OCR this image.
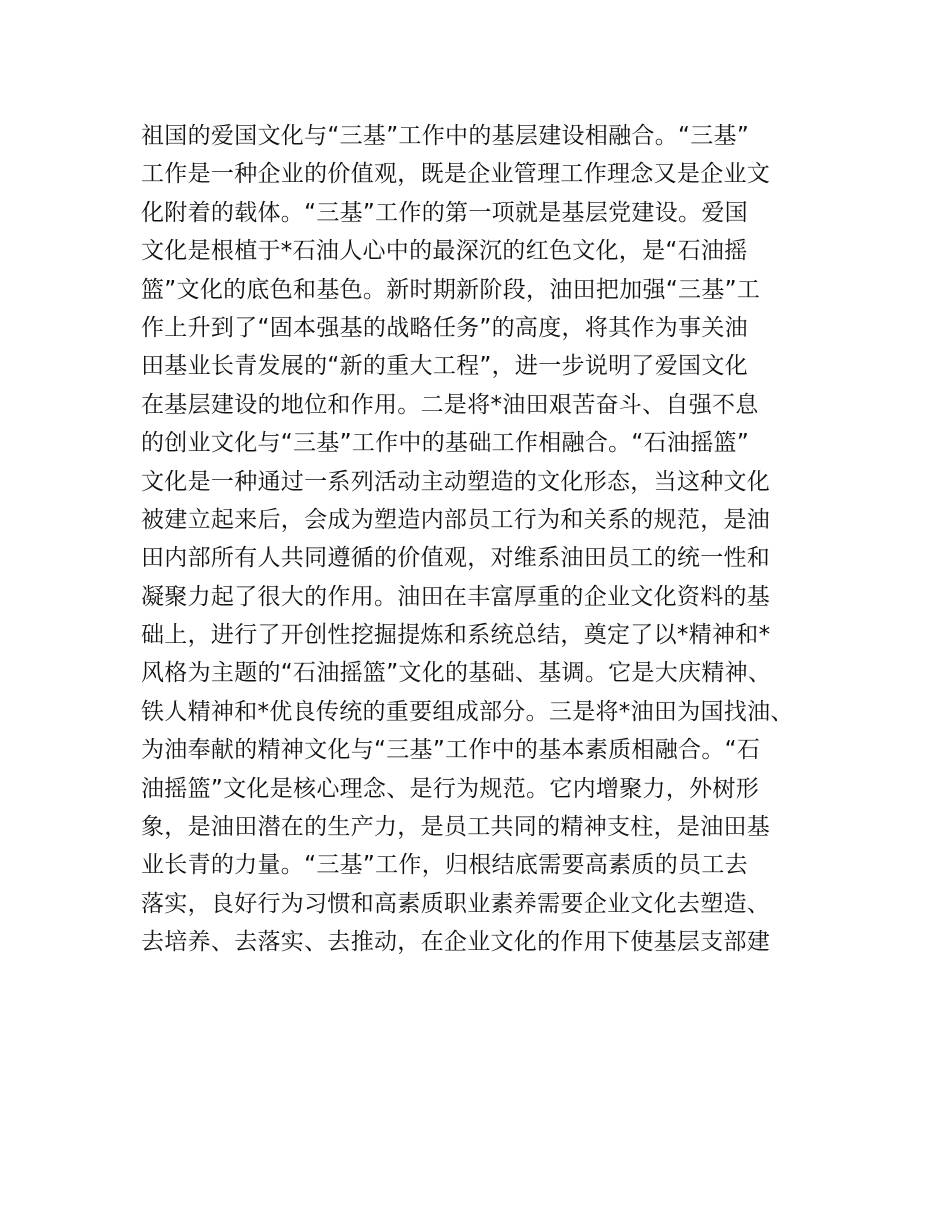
祖国的爱国文化与“三基”工作中的基层建设相融合。“三基”
工作是一种企业的价值观，既是企业管理工作理念又是企业文
化附着的载体。“三基”工作的第一项就是基层党建设。爱国
文化是根植于*石油人心中的最深沉的红色文化，是“石油摇
篮”文化的底色和基色。新时期新阶段，油田把加强“三基”工
作上升到了“固本强基的战略任务”的高度，将其作为事关油
田基业长青发展的“新的重大工程”，进一步说明了爱国文化
在基层建设的地位和作用。二是将*油田艰苦奋斗、自强不息
的创业文化与“三基”工作中的基础工作相融合。“石油摇篮”
文化是一种通过一系列活动主动塑造的文化形态，当这种文化
被建立起来后，会成为塑造内部员工行为和关系的规范，是油
田内部所有人共同遵循的价值观，对维系油田员工的统一性和
凝聚力起了很大的作用。油田在丰富厚重的企业文化资料的基
础上，进行了开创性挖掘提炼和系统总结，奠定了以*精神和*
风格为主题的“石油摇篮”文化的基础、基调。它是大庆精神、
铁人精神和*优良传统的重要组成部分。三是将*油田为国找油、
为油奉献的精神文化与“三基”工作中的基本素质相融合。“石
油摇篮”文化是核心理念、是行为规范。它内增聚力，外树形
象，是油田潜在的生产力，是员工共同的精神支柱，是油田基
业长青的力量。“三基”工作，归根结底需要高素质的员工去
落实，良好行为习惯和高素质职业素养需要企业文化去塑造、
去培养、去落实、去推动，在企业文化的作用下使基层支部建
